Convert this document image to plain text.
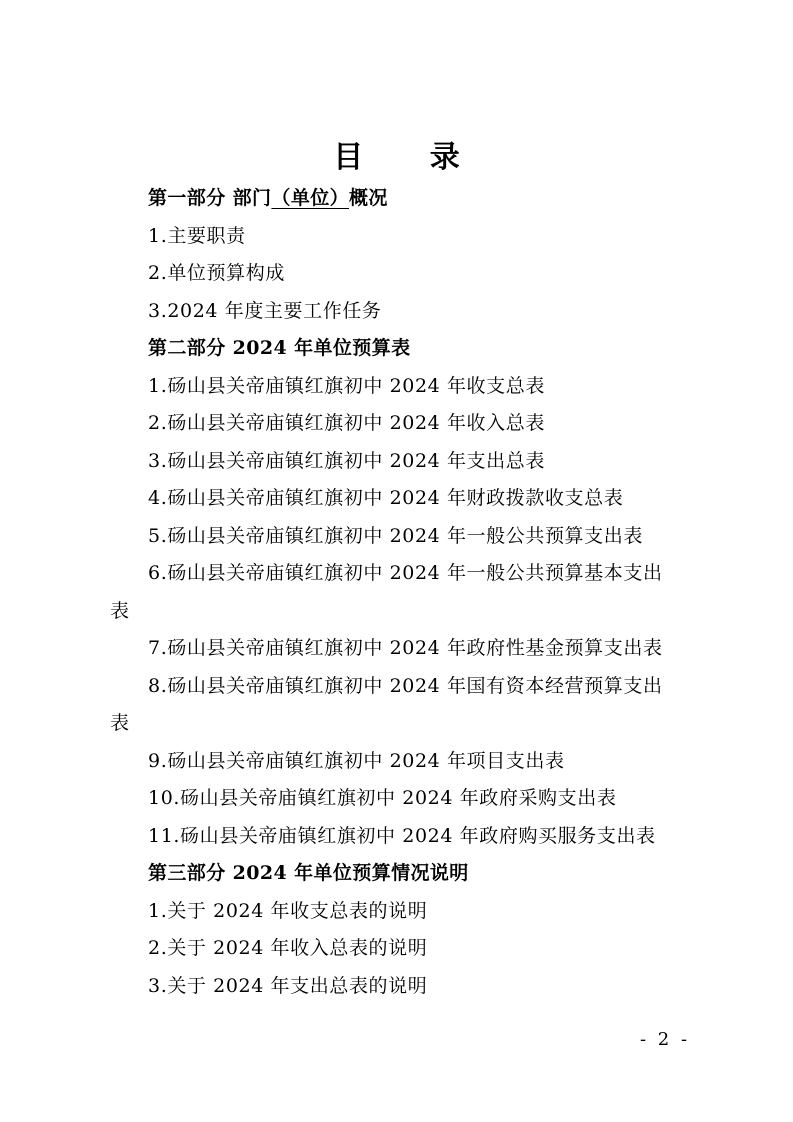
目 录
第一部分 部门（单位）概况
1.主要职责
2.单位预算构成
3.2024 年度主要工作任务
第二部分 2024 年单位预算表
1.砀山县关帝庙镇红旗初中 2024 年收支总表
2.砀山县关帝庙镇红旗初中 2024 年收入总表
3.砀山县关帝庙镇红旗初中 2024 年支出总表
4.砀山县关帝庙镇红旗初中 2024 年财政拨款收支总表
5.砀山县关帝庙镇红旗初中 2024 年一般公共预算支出表
6.砀山县关帝庙镇红旗初中 2024 年一般公共预算基本支出
表
7.砀山县关帝庙镇红旗初中 2024 年政府性基金预算支出表
8.砀山县关帝庙镇红旗初中 2024 年国有资本经营预算支出
表
9.砀山县关帝庙镇红旗初中 2024 年项目支出表
10.砀山县关帝庙镇红旗初中 2024 年政府采购支出表
11.砀山县关帝庙镇红旗初中 2024 年政府购买服务支出表
第三部分 2024 年单位预算情况说明
1.关于 2024 年收支总表的说明
2.关于 2024 年收入总表的说明
3.关于 2024 年支出总表的说明
- 2 -
